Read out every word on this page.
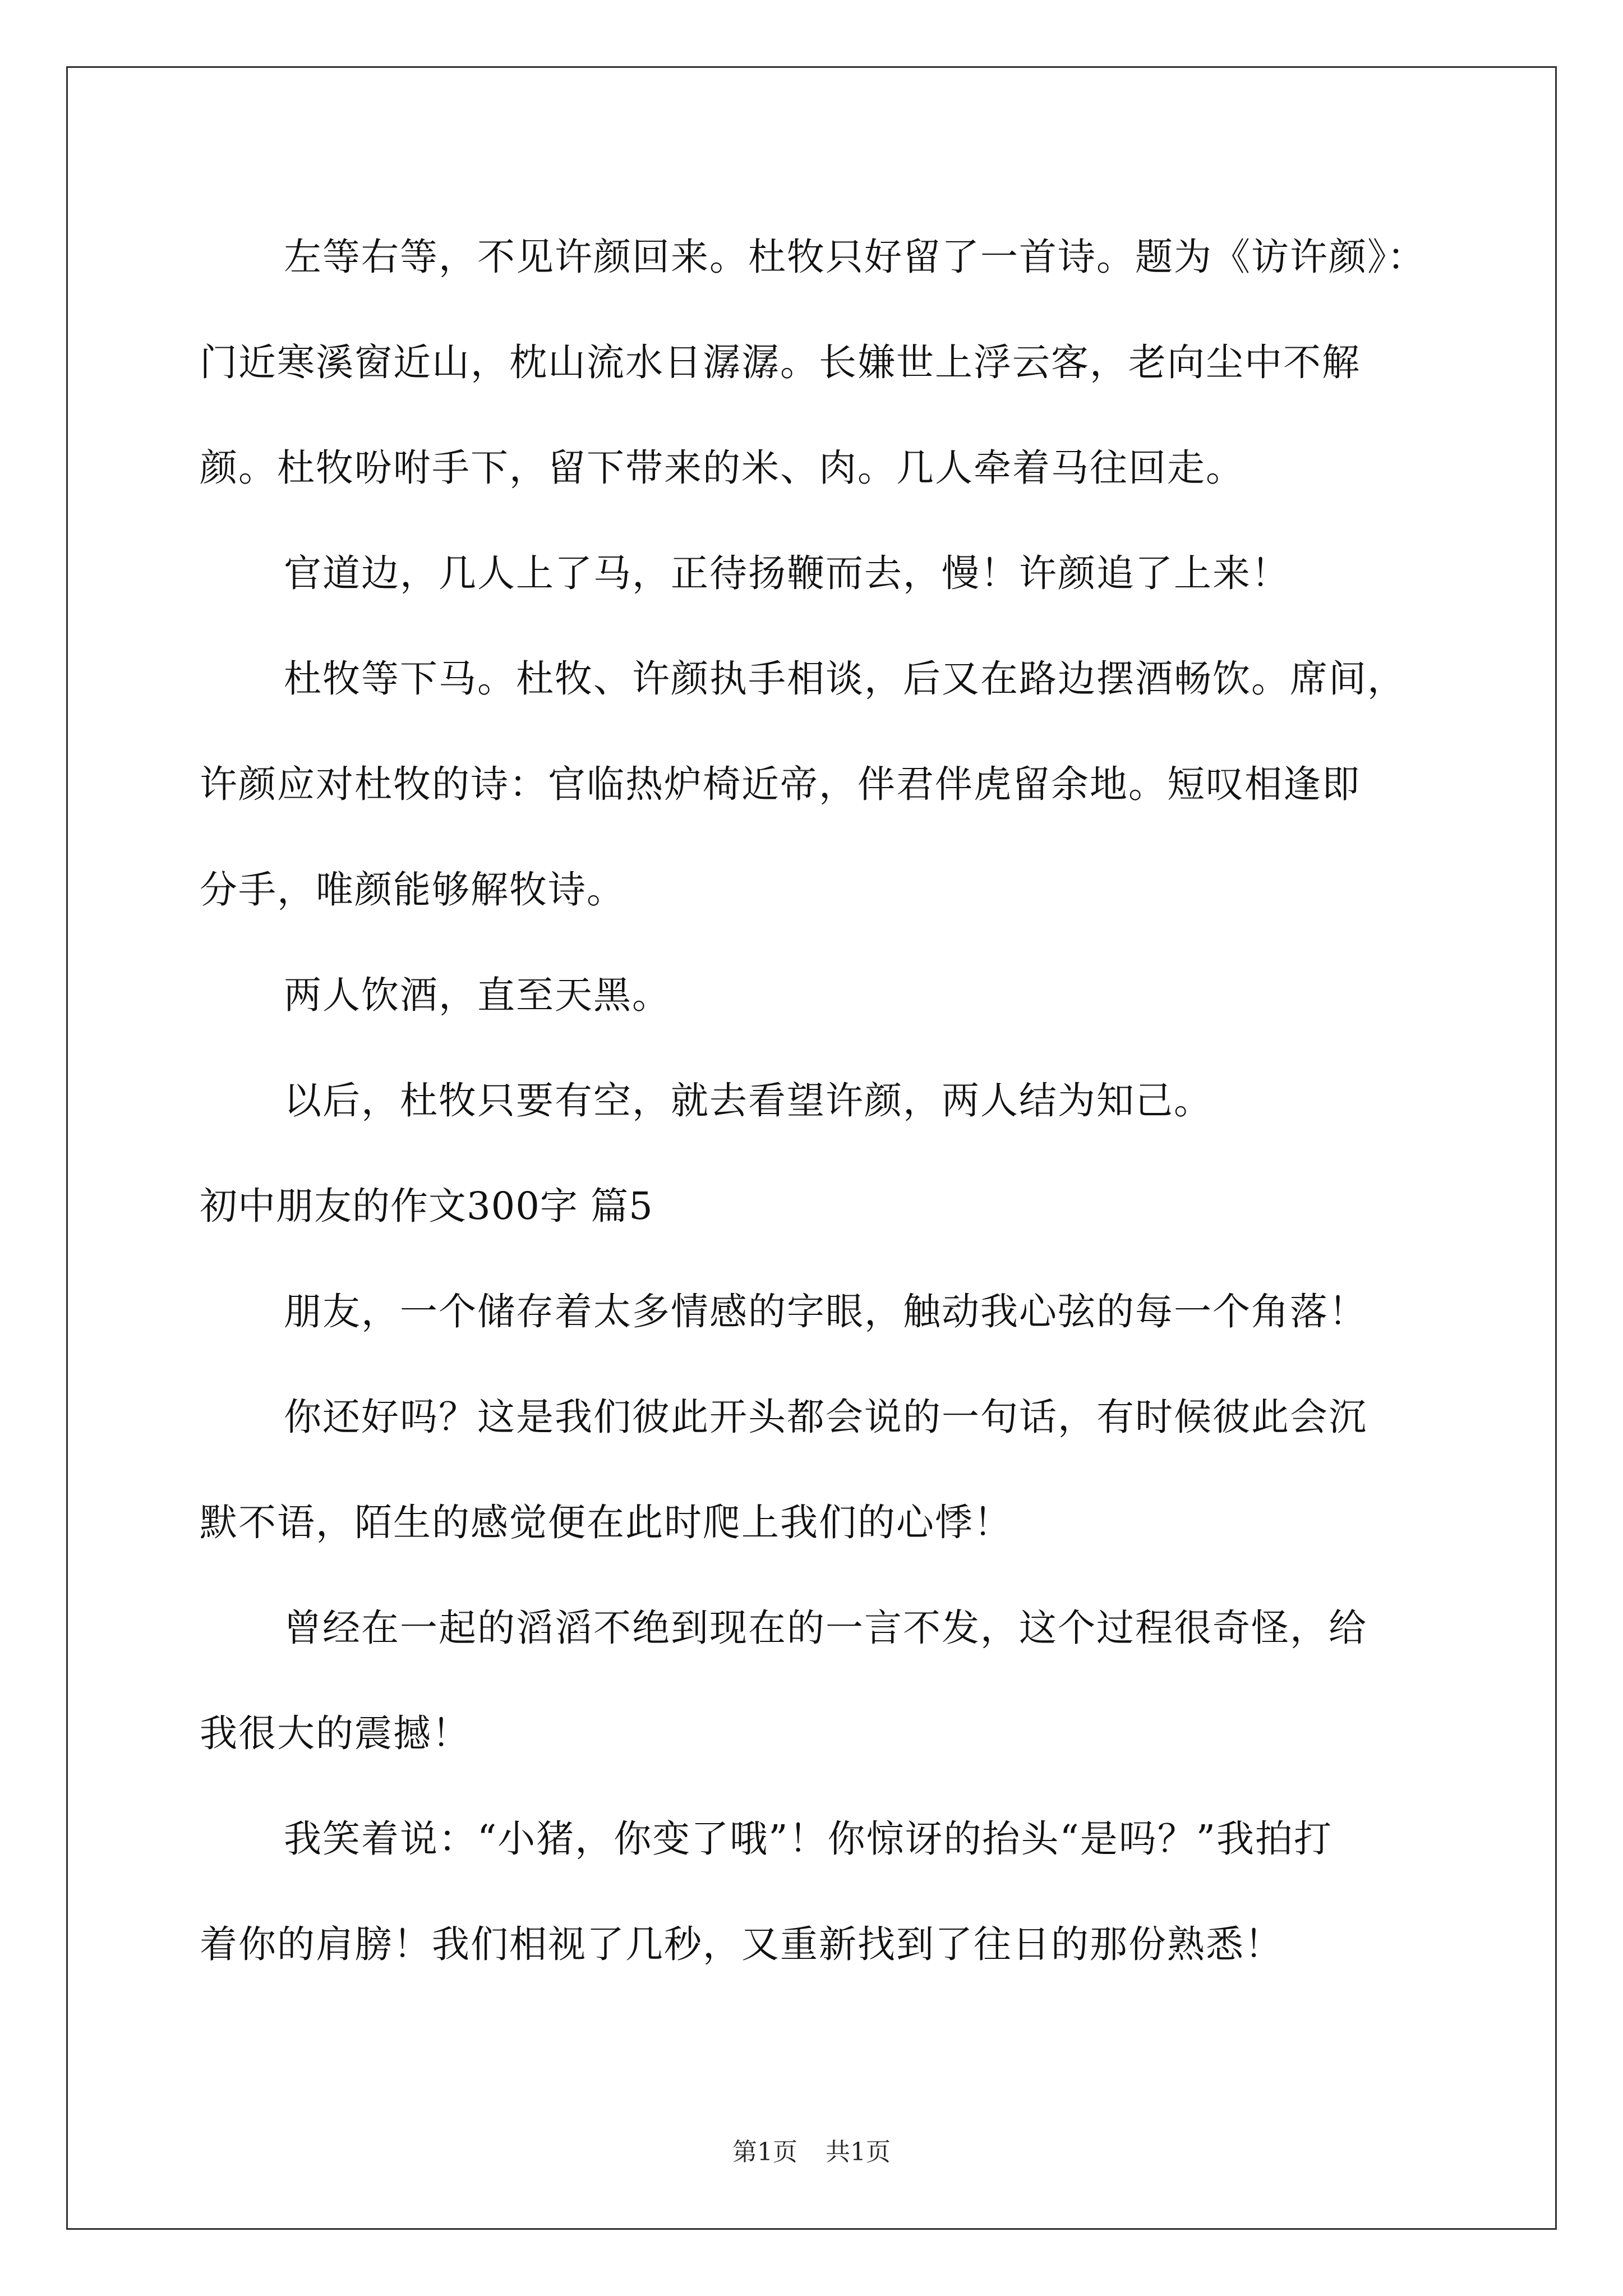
左等右等，不见许颜回来。杜牧只好留了一首诗。题为《访许颜》：
门近寒溪窗近山，枕山流水日潺潺。长嫌世上浮云客，老向尘中不解
颜。杜牧吩咐手下，留下带来的米、肉。几人牵着马往回走。
官道边，几人上了马，正待扬鞭而去，慢！许颜追了上来！
杜牧等下马。杜牧、许颜执手相谈，后又在路边摆酒畅饮。席间，
许颜应对杜牧的诗：官临热炉椅近帝，伴君伴虎留余地。短叹相逢即
分手，唯颜能够解牧诗。
两人饮酒，直至天黑。
以后，杜牧只要有空，就去看望许颜，两人结为知己。
初中朋友的作文300字 篇5
朋友，一个储存着太多情感的字眼，触动我心弦的每一个角落！
你还好吗？这是我们彼此开头都会说的一句话，有时候彼此会沉
默不语，陌生的感觉便在此时爬上我们的心悸！
曾经在一起的滔滔不绝到现在的一言不发，这个过程很奇怪，给
我很大的震撼！
我笑着说：“小猪，你变了哦”！你惊讶的抬头“是吗？”我拍打
着你的肩膀！我们相视了几秒，又重新找到了往日的那份熟悉！
第1页 共1页
